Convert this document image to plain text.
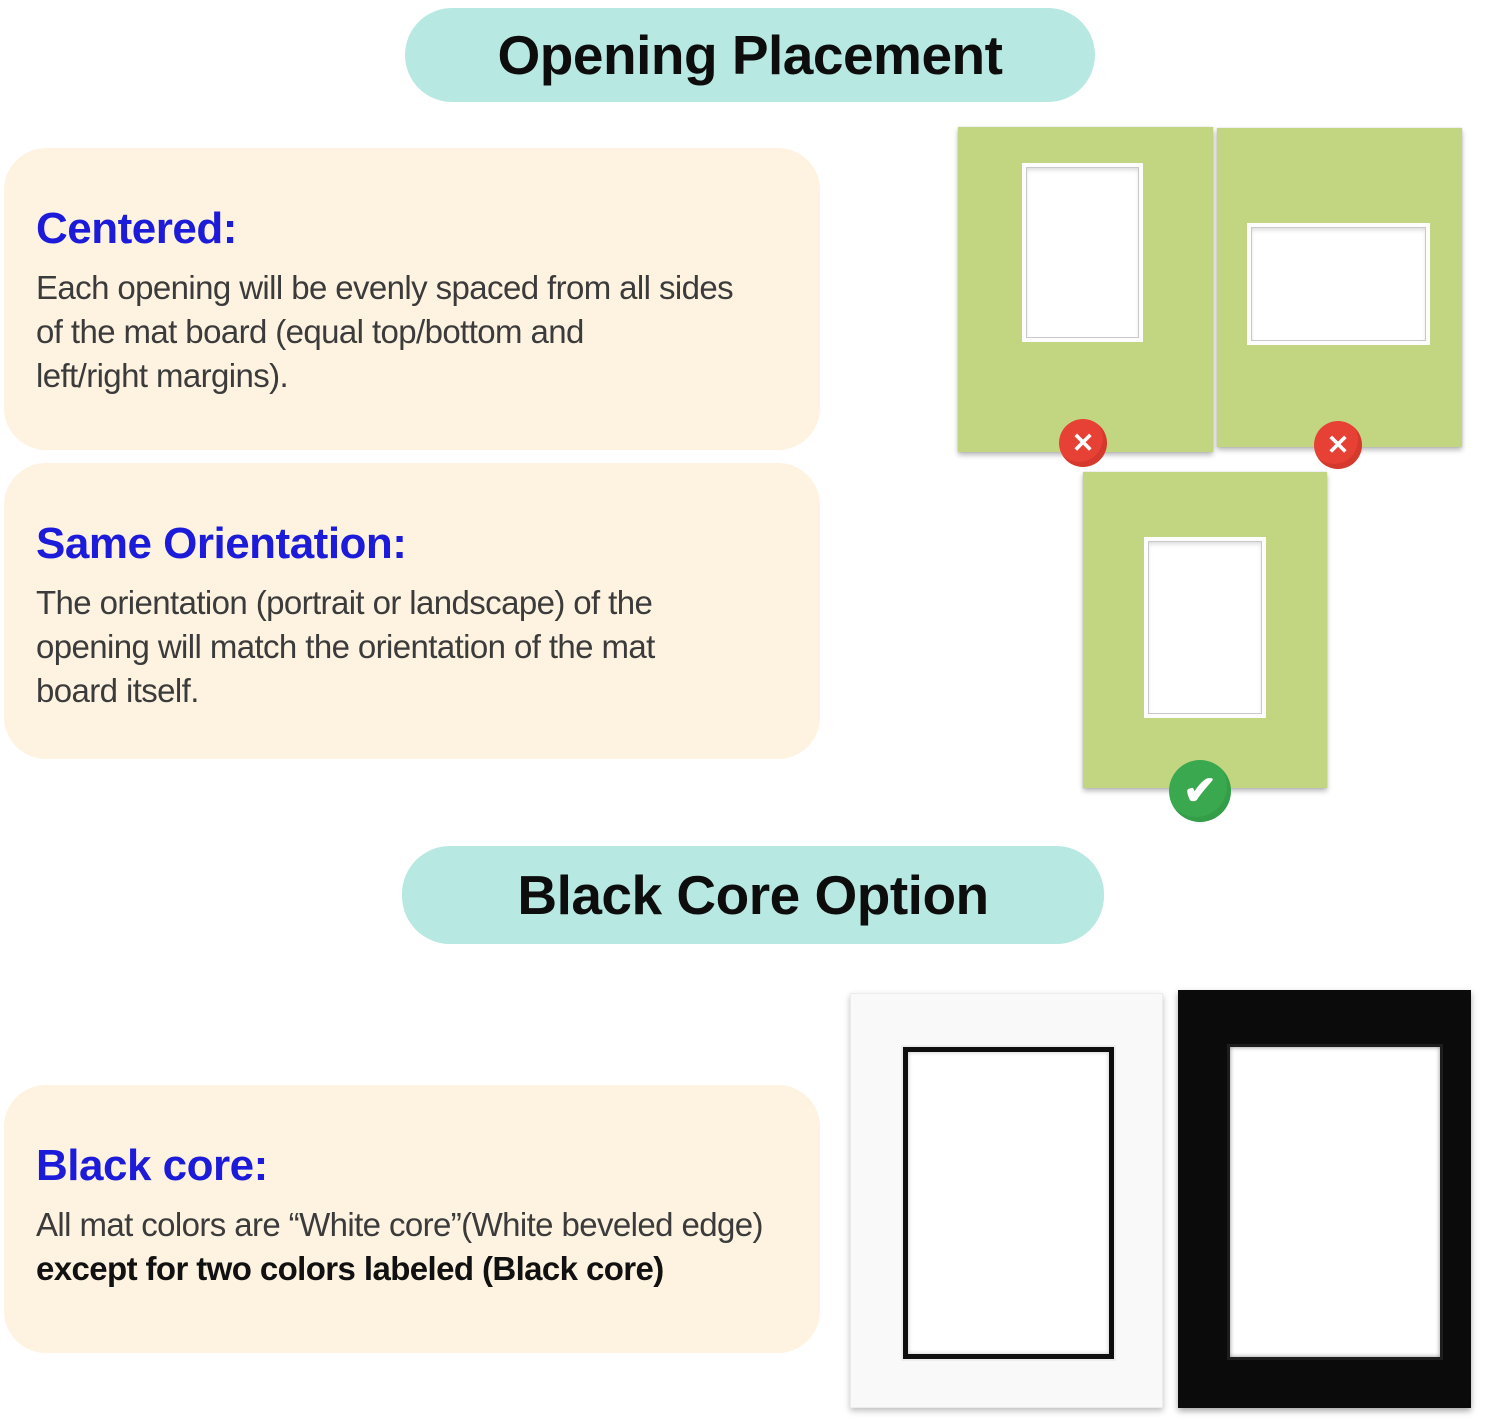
Opening Placement
Centered:
Each opening will be evenly spaced from all sides
of the mat board (equal top/bottom and
left/right margins).
Same Orientation:
The orientation (portrait or landscape) of the
opening will match the orientation of the mat
board itself.
✕	✕
✔
Black Core Option
Black core:
All mat colors are “White core”(White beveled edge)
except for two colors labeled (Black core)
